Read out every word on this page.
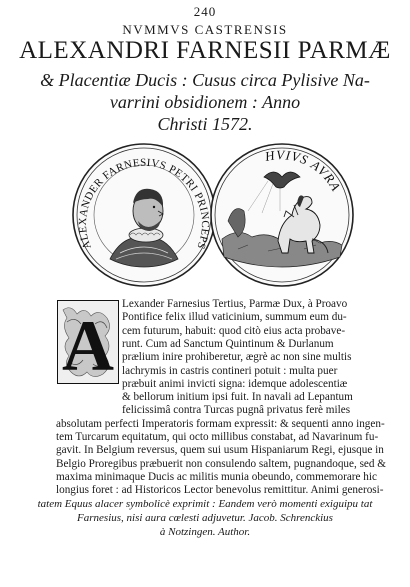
240
NVMMVS CASTRENSIS
ALEXANDRI FARNESII PARMÆ
& Placentiæ Ducis : Cusus circa Pylisive Na-
varrini obsidionem : Anno
Christi 1572.
ALEXANDER FARNESIVS PETRI PRINCEPS
HVIVS AVRA
A
Lexander Farnesius Tertius, Parmæ Dux, à Proavo
Pontifice felix illud vaticinium, summum eum du-
cem futurum, habuit: quod citò eius acta probave-
runt. Cum ad Sanctum Quintinum & Durlanum
prælium inire prohiberetur, ægrè ac non sine multis
lachrymis in castris contineri potuit : multa puer
præbuit animi invicti signa: idemque adolescentiæ
& bellorum initium ipsi fuit. In navali ad Lepantum
felicissimâ contra Turcas pugnâ privatus ferè miles
absolutam perfecti Imperatoris formam expressit: & sequenti anno ingen-
tem Turcarum equitatum, qui octo millibus constabat, ad Navarinum fu-
gavit. In Belgium reversus, quem sui usum Hispaniarum Regi, ejusque in
Belgio Proregibus præbuerit non consulendo saltem, pugnandoque, sed &
maxima minimaque Ducis ac militis munia obeundo, commemorare hic
longius foret : ad Historicos Lector benevolus remittitur. Animi generosi-
tatem Equus alacer symbolicè exprimit : Eandem verò momenti exiguipu tat
Farnesius, nisi aura cœlesti adjuvetur. Jacob. Schrenckius
à Notzingen. Author.
